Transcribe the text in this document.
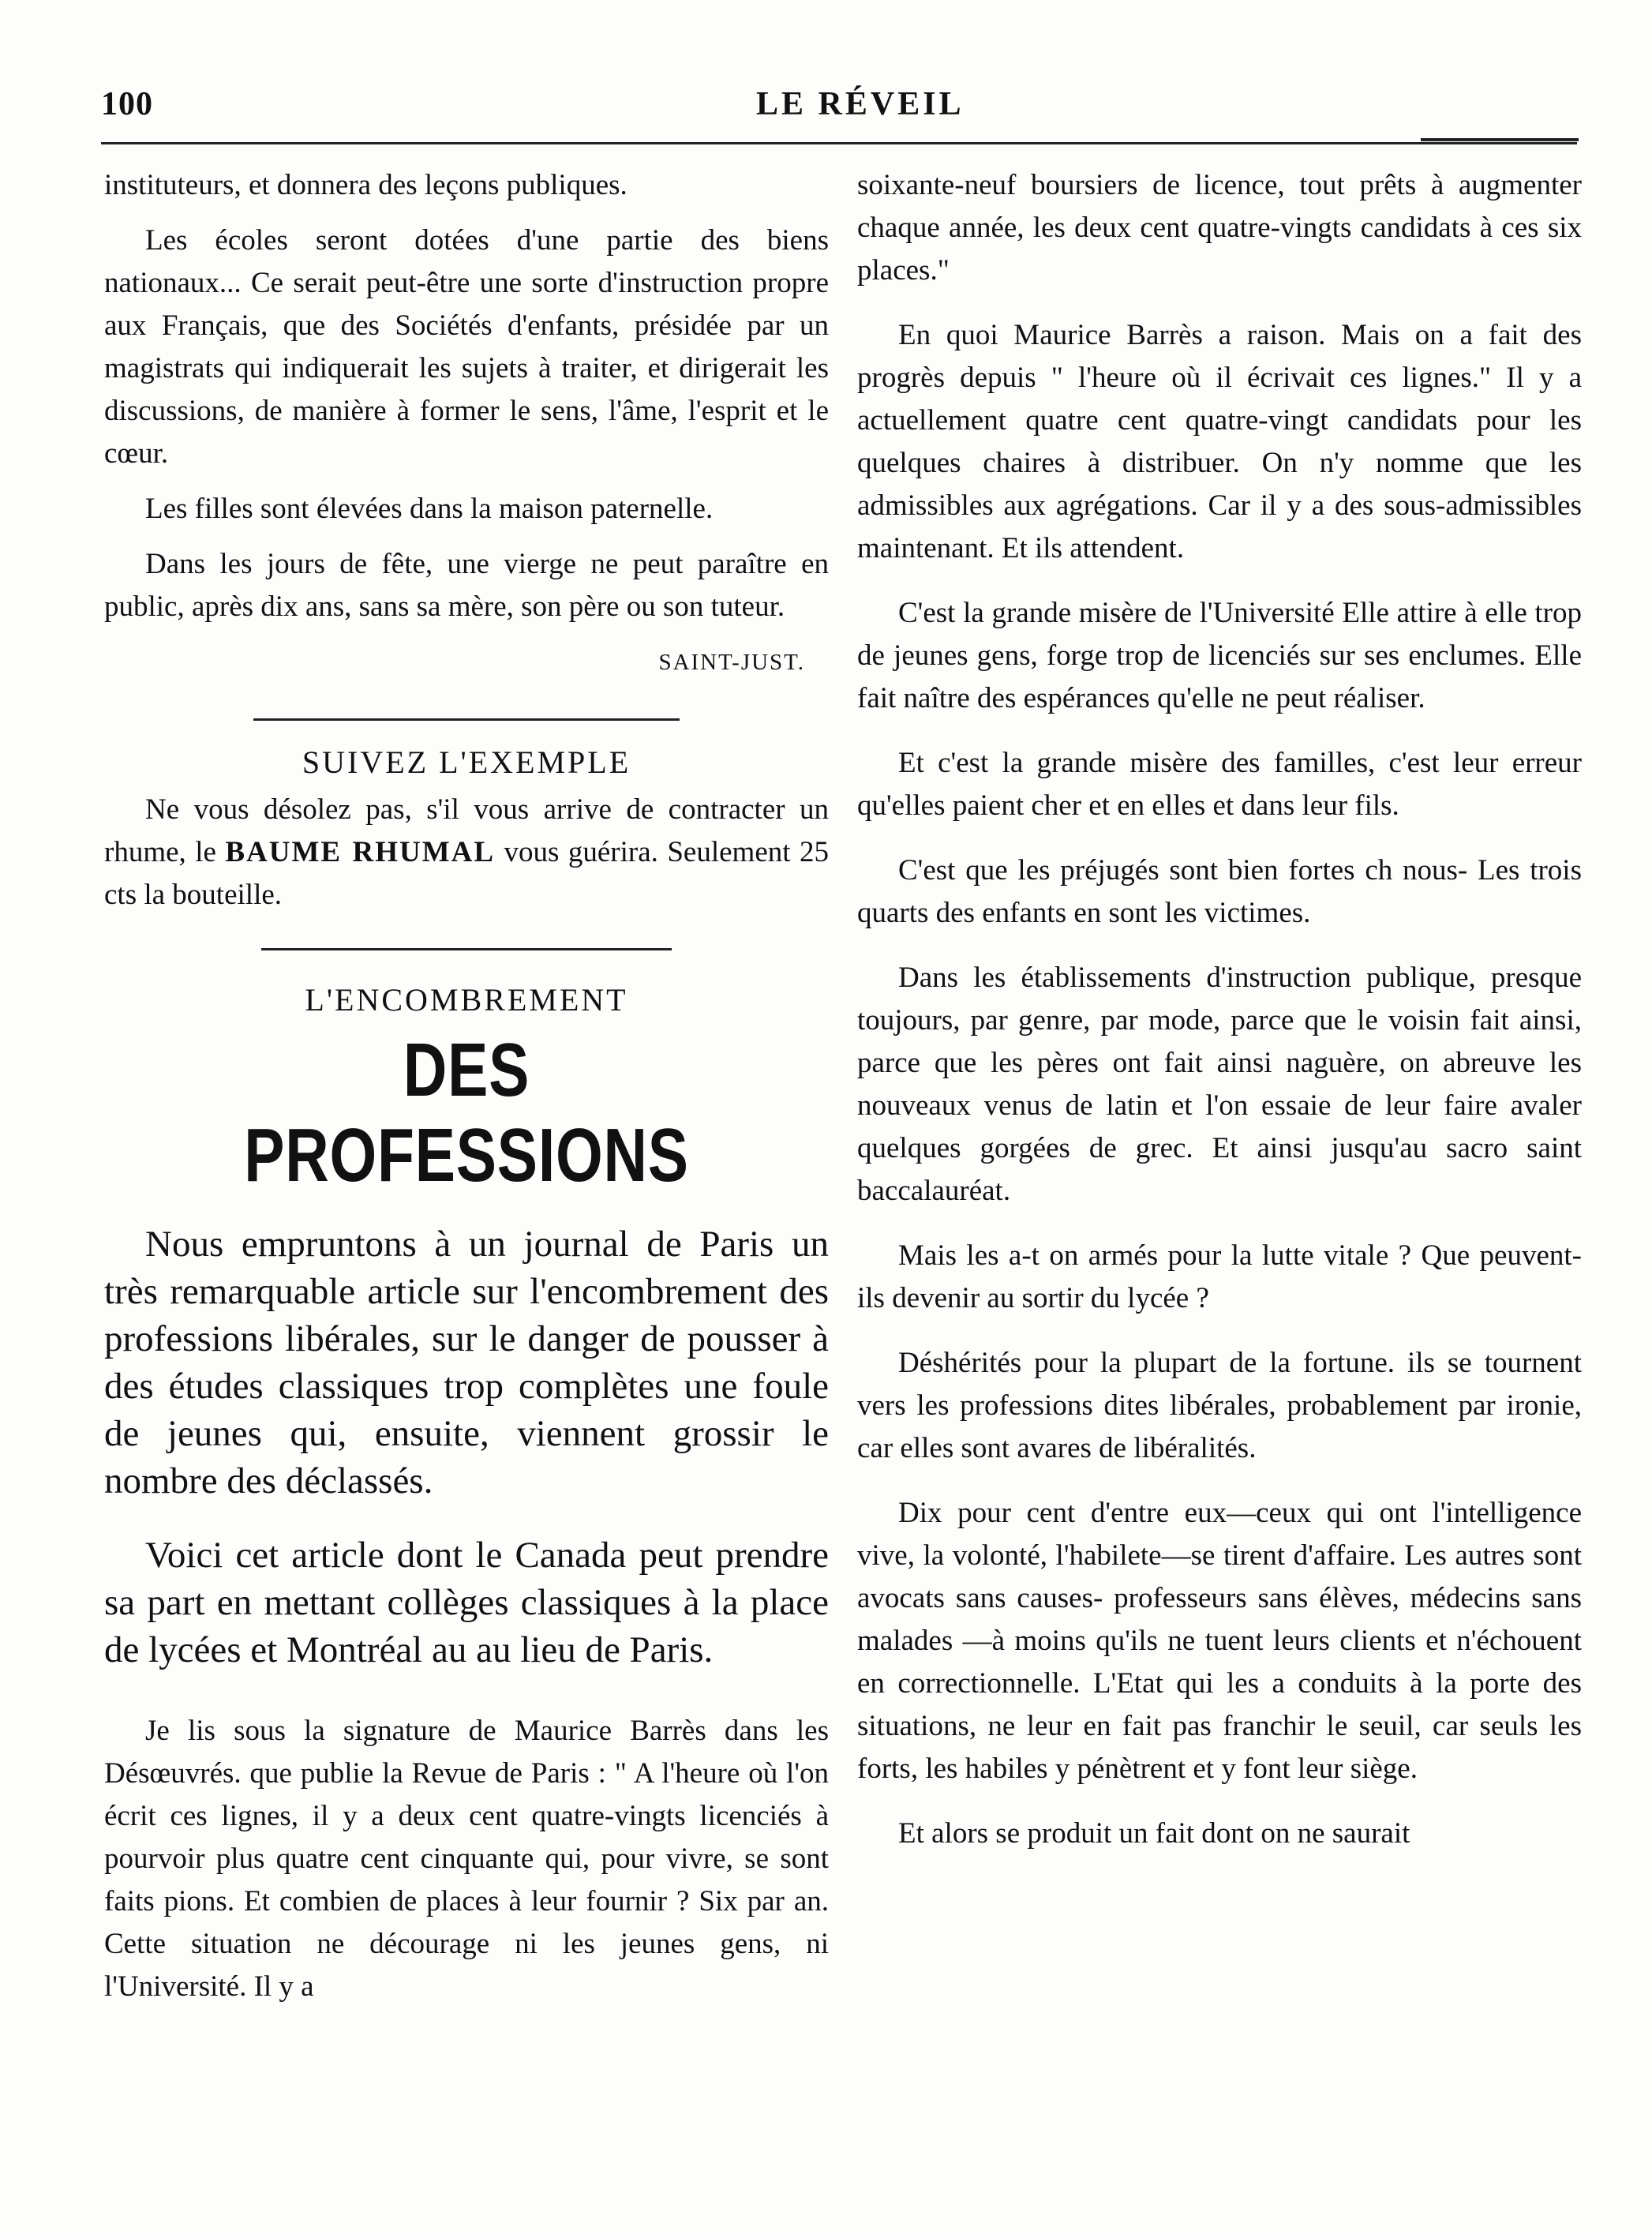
100	LE RÉVEIL

instituteurs, et donnera des leçons publiques.

Les écoles seront dotées d'une partie des biens nationaux... Ce serait peut-être une sorte d'instruction propre aux Français, que des Sociétés d'enfants, présidée par un magistrats qui indiquerait les sujets à traiter, et dirigerait les discussions, de manière à former le sens, l'âme, l'esprit et le cœur.

Les filles sont élevées dans la maison paternelle.

Dans les jours de fête, une vierge ne peut paraître en public, après dix ans, sans sa mère, son père ou son tuteur.

SAINT-JUST.
SUIVEZ L'EXEMPLE

Ne vous désolez pas, s'il vous arrive de contracter un rhume, le BAUME RHUMAL vous guérira. Seulement 25 cts la bouteille.

L'ENCOMBREMENT
DES PROFESSIONS
Nous empruntons à un journal de Paris un très remarquable article sur l'encombrement des professions libérales, sur le danger de pousser à des études classiques trop complètes une foule de jeunes qui, ensuite, viennent grossir le nombre des déclassés.
Voici cet article dont le Canada peut prendre sa part en mettant collèges classiques à la place de lycées et Montréal au au lieu de Paris.

Je lis sous la signature de Maurice Barrès dans les Désœuvrés. que publie la Revue de Paris : " A l'heure où l'on écrit ces lignes, il y a deux cent quatre-vingts licenciés à pourvoir plus quatre cent cinquante qui, pour vivre, se sont faits pions. Et combien de places à leur fournir ? Six par an. Cette situation ne décourage ni les jeunes gens, ni l'Université. Il y a

soixante-neuf boursiers de licence, tout prêts à augmenter chaque année, les deux cent quatre-vingts candidats à ces six places."

En quoi Maurice Barrès a raison. Mais on a fait des progrès depuis " l'heure où il écrivait ces lignes." Il y a actuellement quatre cent quatre-vingt candidats pour les quelques chaires à distribuer. On n'y nomme que les admissibles aux agrégations. Car il y a des sous-admissibles maintenant. Et ils attendent.

C'est la grande misère de l'Université Elle attire à elle trop de jeunes gens, forge trop de licenciés sur ses enclumes. Elle fait naître des espérances qu'elle ne peut réaliser.

Et c'est la grande misère des familles, c'est leur erreur qu'elles paient cher et en elles et dans leur fils.

C'est que les préjugés sont bien fortes ch nous- Les trois quarts des enfants en sont les victimes.

Dans les établissements d'instruction publique, presque toujours, par genre, par mode, parce que le voisin fait ainsi, parce que les pères ont fait ainsi naguère, on abreuve les nouveaux venus de latin et l'on essaie de leur faire avaler quelques gorgées de grec. Et ainsi jusqu'au sacro saint baccalauréat.

Mais les a-t on armés pour la lutte vitale ? Que peuvent-ils devenir au sortir du lycée ?

Déshérités pour la plupart de la fortune. ils se tournent vers les professions dites libérales, probablement par ironie, car elles sont avares de libéralités.

Dix pour cent d'entre eux—ceux qui ont l'intelligence vive, la volonté, l'habilete—se tirent d'affaire. Les autres sont avocats sans causes- professeurs sans élèves, médecins sans malades —à moins qu'ils ne tuent leurs clients et n'échouent en correctionnelle. L'Etat qui les a conduits à la porte des situations, ne leur en fait pas franchir le seuil, car seuls les forts, les habiles y pénètrent et y font leur siège.

Et alors se produit un fait dont on ne saurait
